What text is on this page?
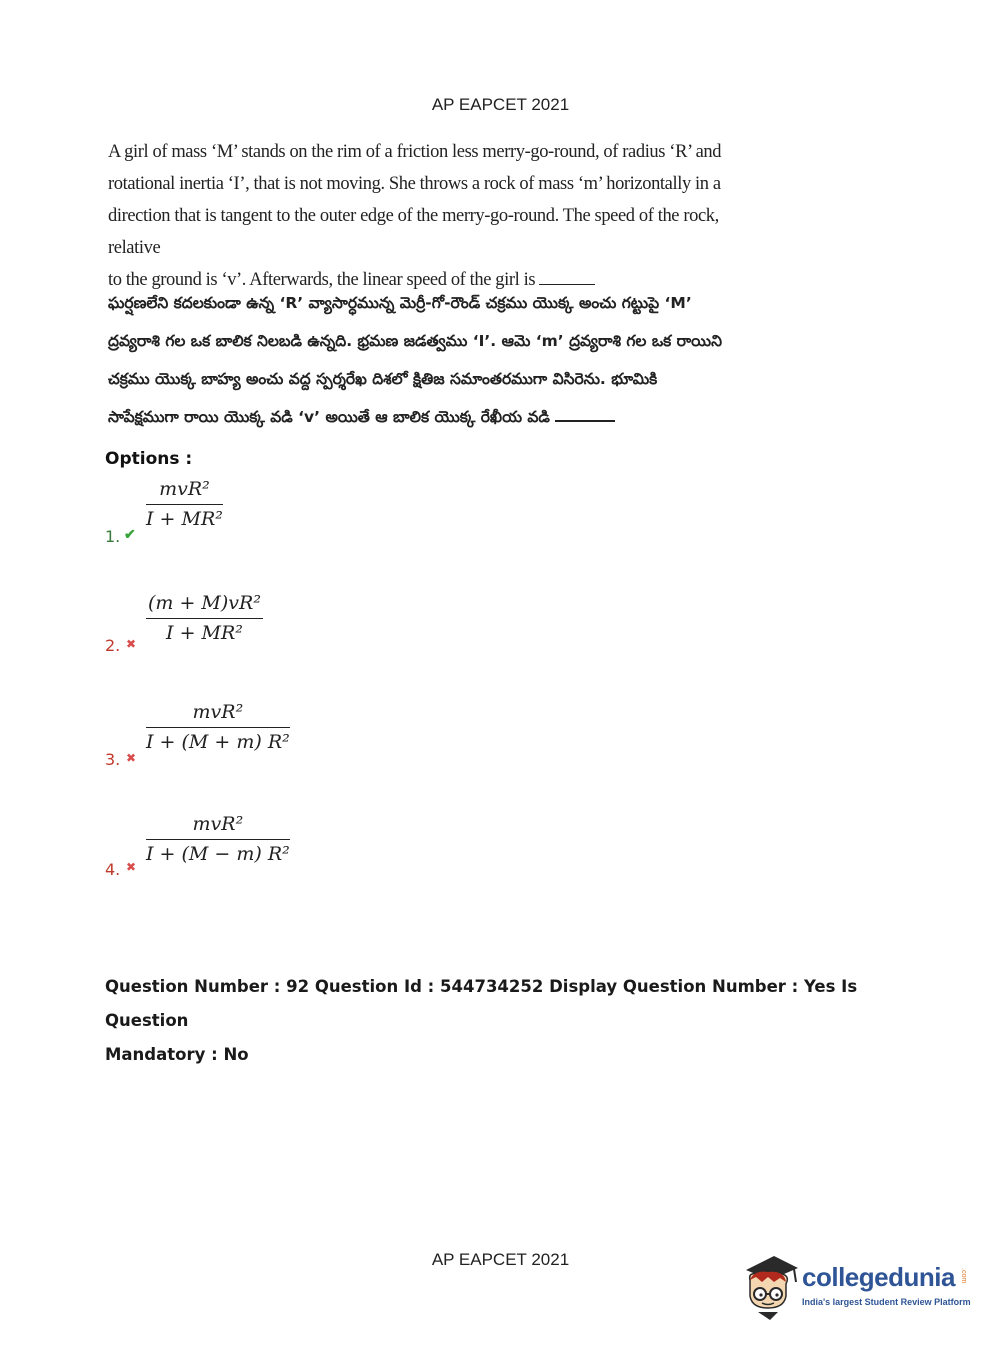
AP EAPCET 2021
A girl of mass ‘M’ stands on the rim of a friction less merry-go-round, of radius ‘R’ and
rotational inertia ‘I’, that is not moving. She throws a rock of mass ‘m’ horizontally in a
direction that is tangent to the outer edge of the merry-go-round. The speed of the rock, relative
to the ground is ‘v’. Afterwards, the linear speed of the girl is
ఘర్షణలేని కదలకుండా ఉన్న ‘R’ వ్యాసార్ధమున్న మెర్రీ-గో-రౌండ్ చక్రము యొక్క అంచు గట్టుపై ‘M’
ద్రవ్యరాశి గల ఒక బాలిక నిలబడి ఉన్నది. భ్రమణ జడత్వము ‘I’. ఆమె ‘m’ ద్రవ్యరాశి గల ఒక రాయిని
చక్రము యొక్క బాహ్య అంచు వద్ద స్పర్శరేఖ దిశలో క్షితిజ సమాంతరముగా విసిరెను. భూమికి
సాపేక్షముగా రాయి యొక్క వడి ‘v’ అయితే ఆ బాలిక యొక్క రేఖీయ వడి
Options :
1. ✔
mvR²
I + MR²
2. ✖
(m + M)vR²
I + MR²
3. ✖
mvR²
I + (M + m) R²
4. ✖
mvR²
I + (M − m) R²
Question Number : 92 Question Id : 544734252 Display Question Number : Yes Is Question
Mandatory : No
AP EAPCET 2021
collegedunia .com
India's largest Student Review Platform
